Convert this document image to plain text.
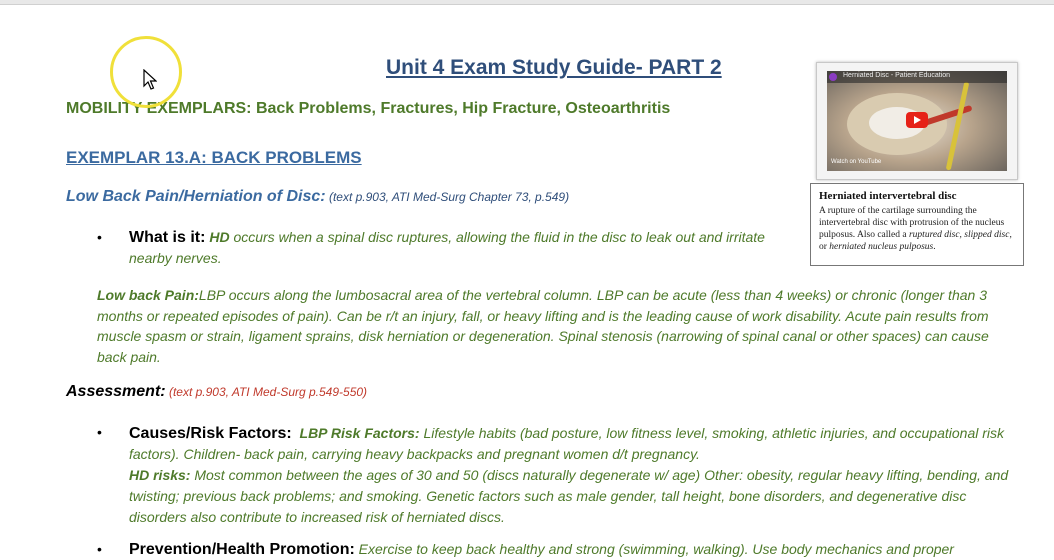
Unit 4 Exam Study Guide- PART 2
MOBILITY EXEMPLARS: Back Problems, Fractures, Hip Fracture, Osteoarthritis
EXEMPLAR 13.A: BACK PROBLEMS
Low Back Pain/Herniation of Disc: (text p.903, ATI Med-Surg Chapter 73, p.549)
• What is it: HD occurs when a spinal disc ruptures, allowing the fluid in the disc to leak out and irritate nearby nerves.
Low back Pain:LBP occurs along the lumbosacral area of the vertebral column. LBP can be acute (less than 4 weeks) or chronic (longer than 3 months or repeated episodes of pain). Can be r/t an injury, fall, or heavy lifting and is the leading cause of work disability. Acute pain results from muscle spasm or strain, ligament sprains, disk herniation or degeneration. Spinal stenosis (narrowing of spinal canal or other spaces) can cause back pain.
Assessment: (text p.903, ATI Med-Surg p.549-550)
• Causes/Risk Factors: LBP Risk Factors: Lifestyle habits (bad posture, low fitness level, smoking, athletic injuries, and occupational risk factors). Children- back pain, carrying heavy backpacks and pregnant women d/t pregnancy.
HD risks: Most common between the ages of 30 and 50 (discs naturally degenerate w/ age) Other: obesity, regular heavy lifting, bending, and twisting; previous back problems; and smoking. Genetic factors such as male gender, tall height, bone disorders, and degenerative disc disorders also contribute to increased risk of herniated discs.
• Prevention/Health Promotion: Exercise to keep back healthy and strong (swimming, walking). Use body mechanics and proper
Herniated Disc - Patient Education
Watch on YouTube
Herniated intervertebral disc
A rupture of the cartilage surrounding the intervertebral disc with protrusion of the nucleus pulposus. Also called a ruptured disc, slipped disc, or herniated nucleus pulposus.
